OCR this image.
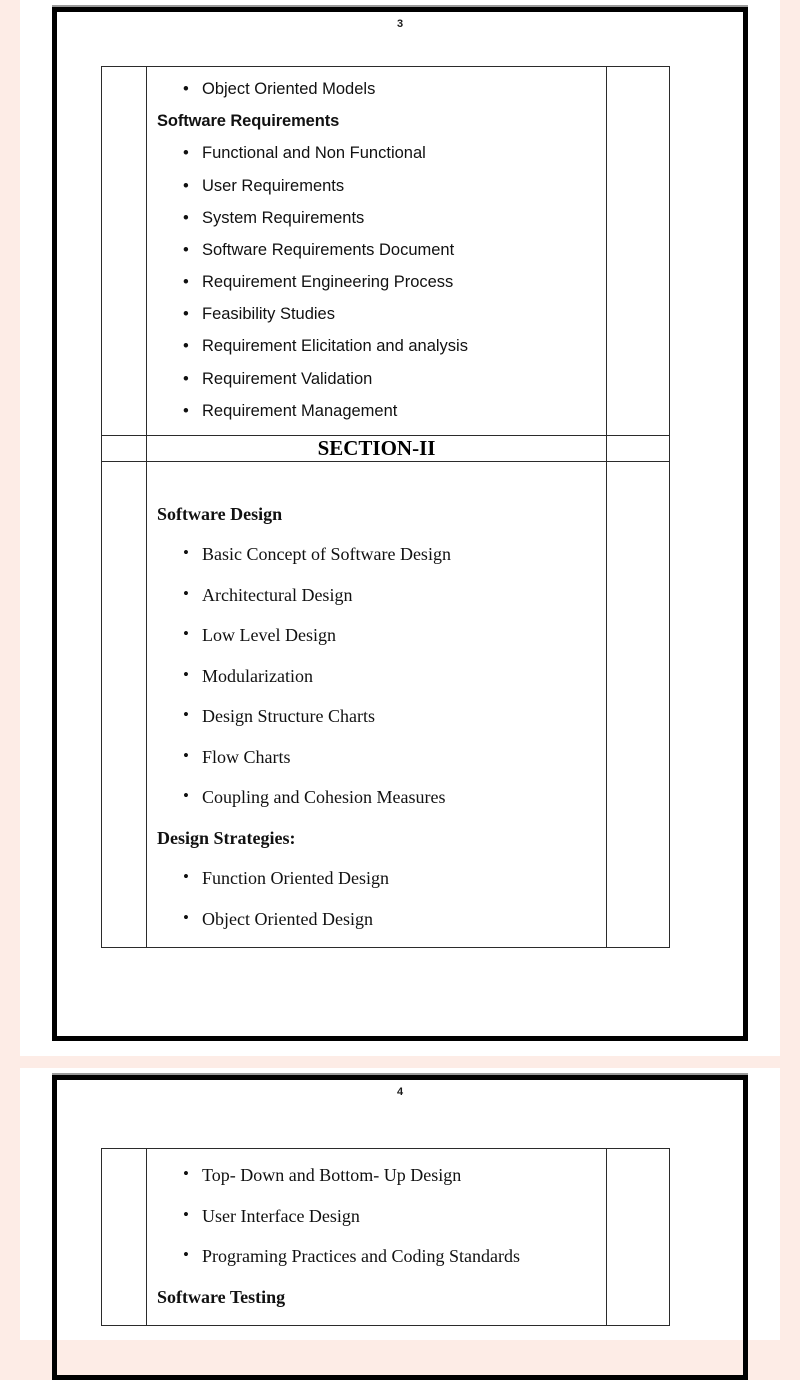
3

• Object Oriented Models
Software Requirements
• Functional and Non Functional
• User Requirements
• System Requirements
• Software Requirements Document
• Requirement Engineering Process
• Feasibility Studies
• Requirement Elicitation and analysis
• Requirement Validation
• Requirement Management

	SECTION-II	

Software Design
• Basic Concept of Software Design
• Architectural Design
• Low Level Design
• Modularization
• Design Structure Charts
• Flow Charts
• Coupling and Cohesion Measures
Design Strategies:
• Function Oriented Design
• Object Oriented Design

4

• Top- Down and Bottom- Up Design
• User Interface Design
• Programing Practices and Coding Standards
Software Testing
